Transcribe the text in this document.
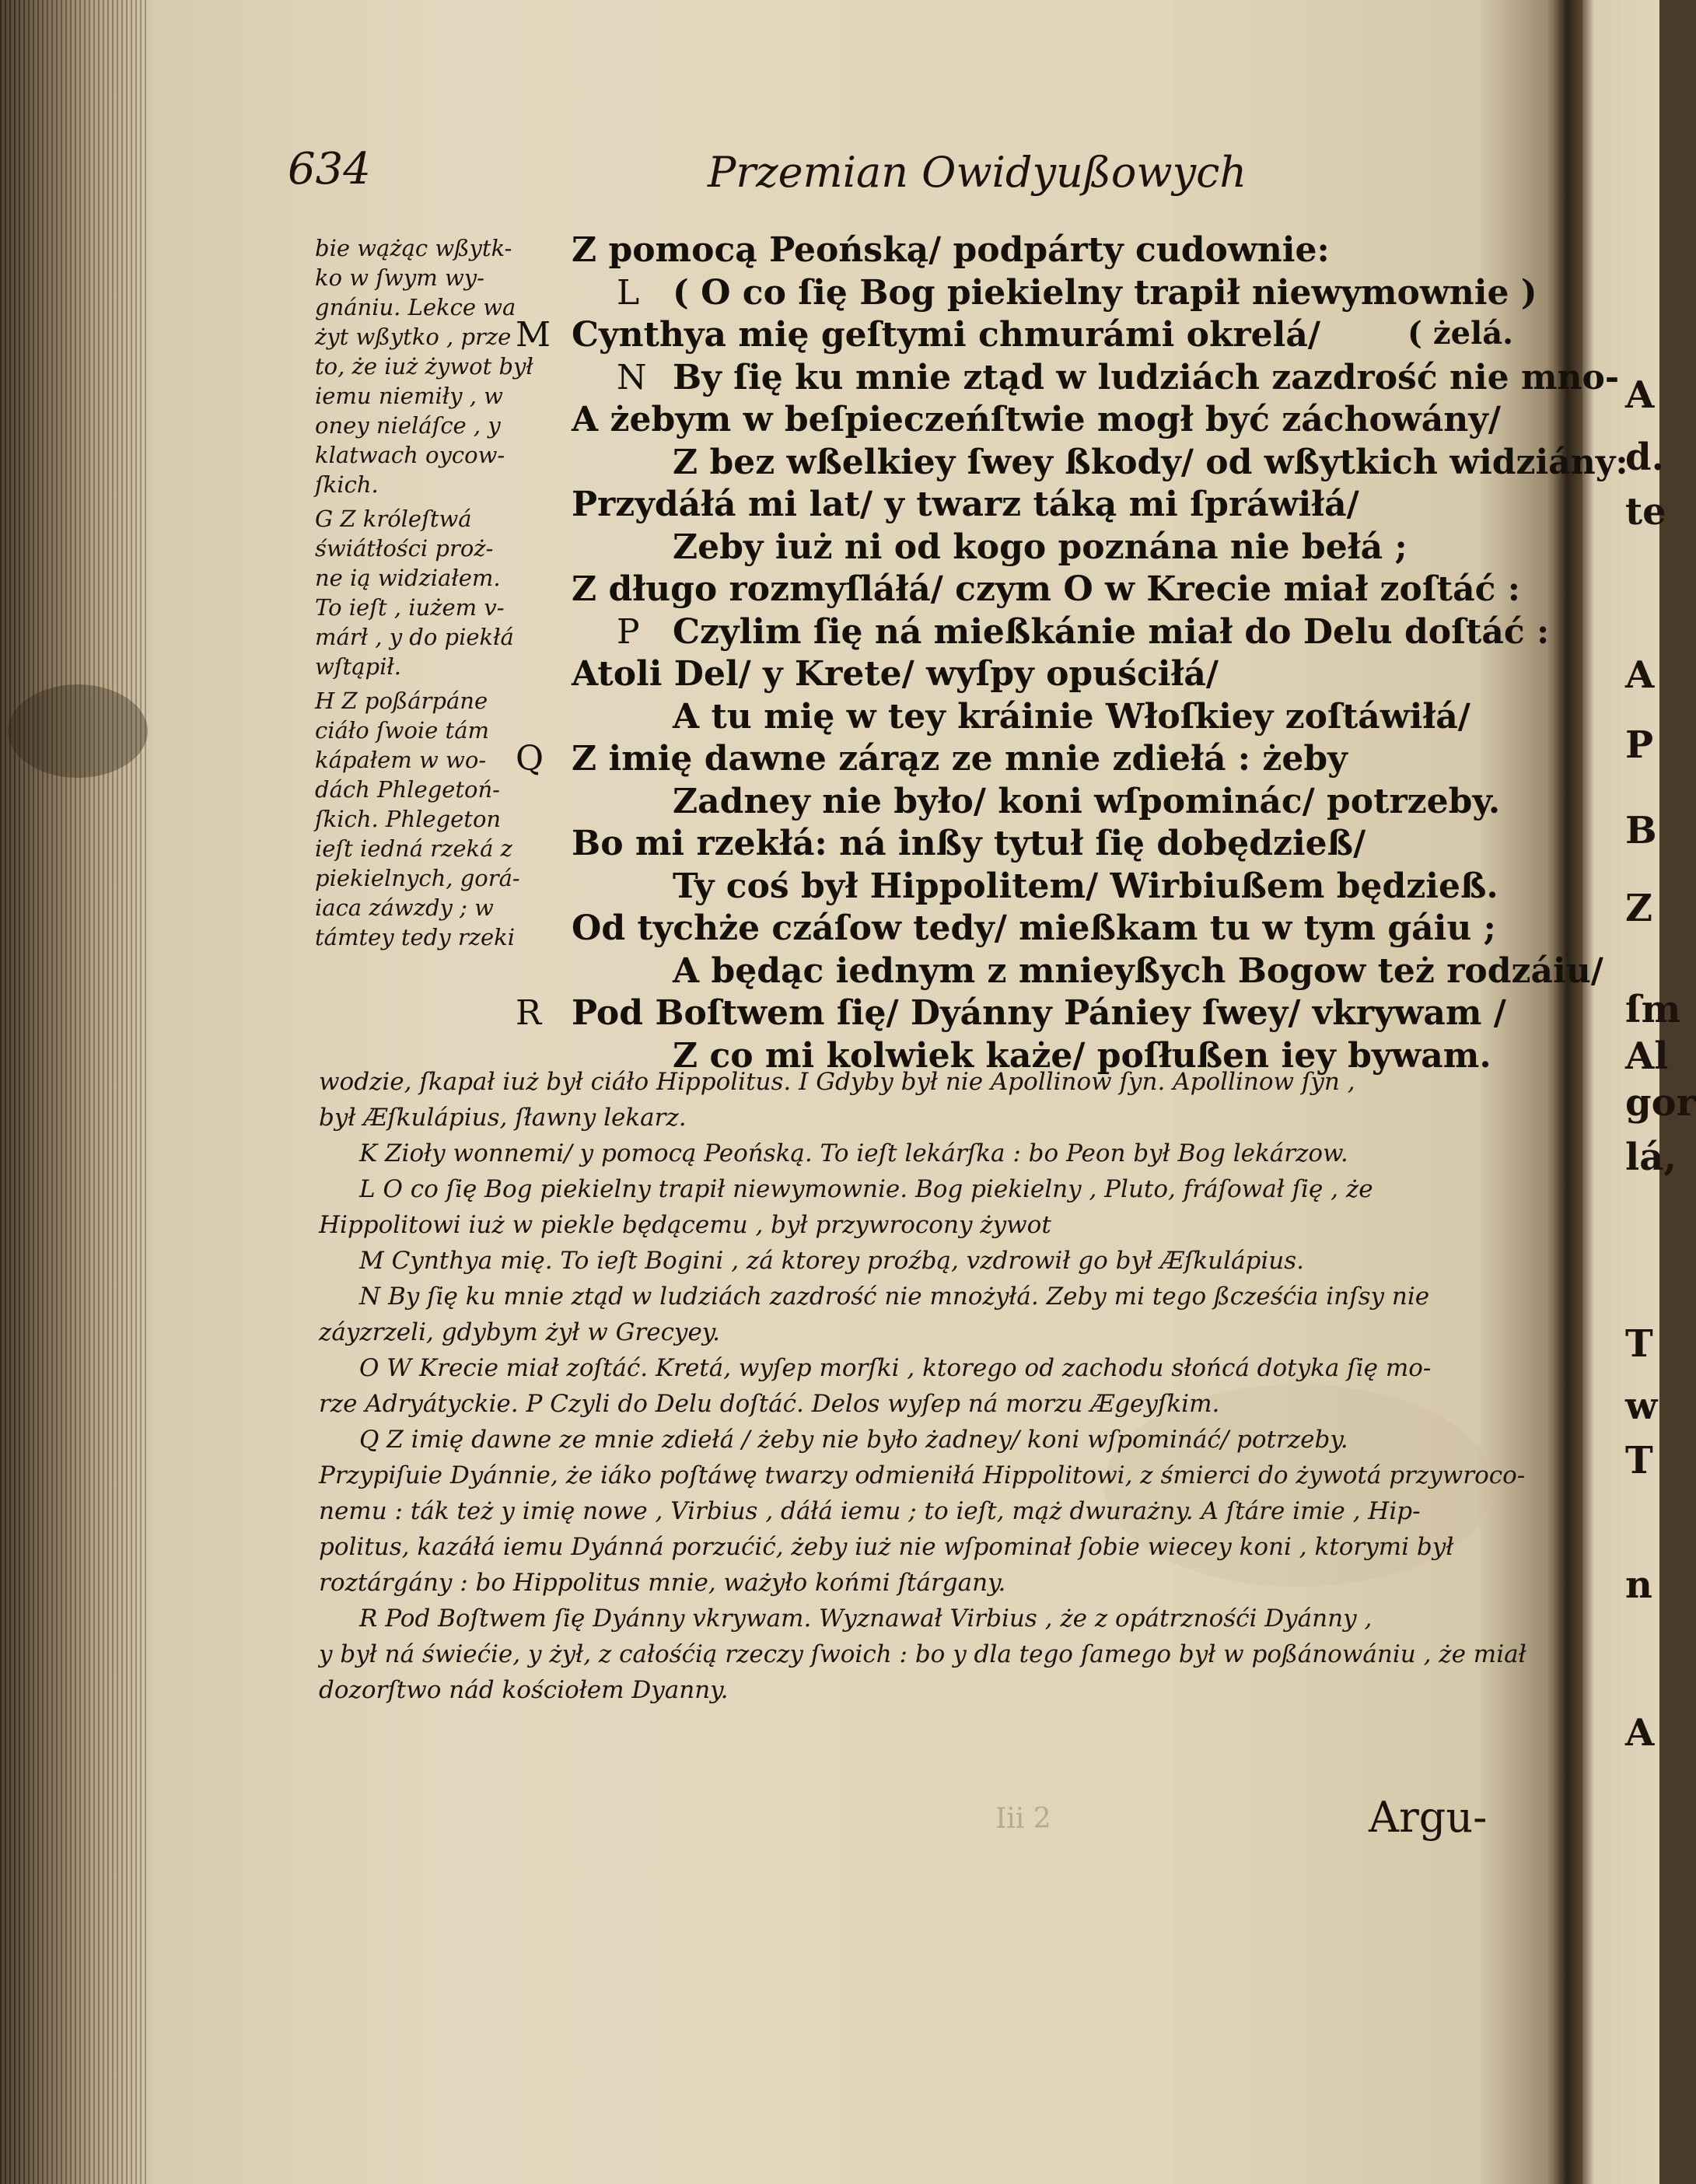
634	Przemian Owidyußowych

bie wążąc wßytk-

ko w ſwym wy-

gnániu. Lekce wa

żyt wßytko , prze

to, że iuż żywot był

iemu niemiły , w

oney nieláſce , y

klatwach oycow-

ſkich.

G Z króleſtwá

świátłości proż-

ne ią widziałem.

To ieſt , iużem v-

márł , y do piekłá

wſtąpił.

H Z poßárpáne

ciáło ſwoie tám

kápałem w wo-

dách Phlegetoń-

ſkich. Phlegeton

ieſt iedná rzeká z

piekielnych, gorá-

iaca záwzdy ; w

támtey tedy rzeki

Z pomocą Peońską/ podpárty cudownie:

L ( O co ſię Bog piekielny trapił niewymownie )

M Cynthya mię geſtymi chmurámi okrelá/

N By ſię ku mnie ztąd w ludziách zazdrość nie mno-

A żebym w beſpieczeńſtwie mogł być záchowány/

Z bez wßelkiey ſwey ßkody/ od wßytkich widziány:

Przydáłá mi lat/ y twarz táką mi ſpráwiłá/

Zeby iuż ni od kogo poznána nie bełá ;

Z długo rozmyſláłá/ czym O w Krecie miał zoſtáć :

P Czylim ſię ná mießkánie miał do Delu doſtáć :

Atoli Del/ y Krete/ wyſpy opuściłá/

A tu mię w tey kráinie Włoſkiey zoſtáwiłá/

Q Z imię dawne zárąz ze mnie zdiełá : żeby

Zadney nie było/ koni wſpominác/ potrzeby.

Bo mi rzekłá: ná inßy tytuł ſię dobędzieß/

Ty coś był Hippolitem/ Wirbiußem będzieß.

Od tychże czáſow tedy/ mießkam tu w tym gáiu ;

A będąc iednym z mnieyßych Bogow też rodzáiu/

R Pod Boſtwem ſię/ Dyánny Pániey ſwey/ vkrywam /

Z co mi kolwiek każe/ poſłußen iey bywam.

( żelá.

wodzie, ſkapał iuż był ciáło Hippolitus. I Gdyby był nie Apollinow ſyn. Apollinow ſyn ,

był Æſkulápius, ſławny lekarz.

K Zioły wonnemi/ y pomocą Peońską. To ieſt lekárſka : bo Peon był Bog lekárzow.

L O co ſię Bog piekielny trapił niewymownie. Bog piekielny , Pluto, fráſował ſię , że

Hippolitowi iuż w piekle będącemu , był przywrocony żywot

M Cynthya mię. To ieſt Bogini , zá ktorey proźbą, vzdrowił go był Æſkulápius.

N By ſię ku mnie ztąd w ludziách zazdrość nie mnożyłá. Zeby mi tego ßcześćia inſsy nie

záyzrzeli, gdybym żył w Grecyey.

O W Krecie miał zoſtáć. Kretá, wyſep morſki , ktorego od zachodu słońcá dotyka ſię mo-

rze Adryátyckie. P Czyli do Delu doſtáć. Delos wyſep ná morzu Ægeyſkim.

Q Z imię dawne ze mnie zdiełá / żeby nie było żadney/ koni wſpomináć/ potrzeby.

Przypiſuie Dyánnie, że iáko poſtáwę twarzy odmieniłá Hippolitowi, z śmierci do żywotá przywroco-

nemu : ták też y imię nowe , Virbius , dáłá iemu ; to ieſt, mąż dwurażny. A ſtáre imie , Hip-

politus, kazáłá iemu Dyánná porzućić, żeby iuż nie wſpominał ſobie wiecey koni , ktorymi był

roztárgány : bo Hippolitus mnie, ważyło końmi ſtárgany.

R Pod Boſtwem ſię Dyánny vkrywam. Wyznawał Virbius , że z opátrznośći Dyánny ,

y był ná świećie, y żył, z całośćią rzeczy ſwoich : bo y dla tego ſamego był w poßánowániu , że miał

dozorſtwo nád kościołem Dyanny.

Iii 2	Argu-
A
d.
te
A
P
B
Z
ſm
Al
gor
lá,
T
w
T
n
A
